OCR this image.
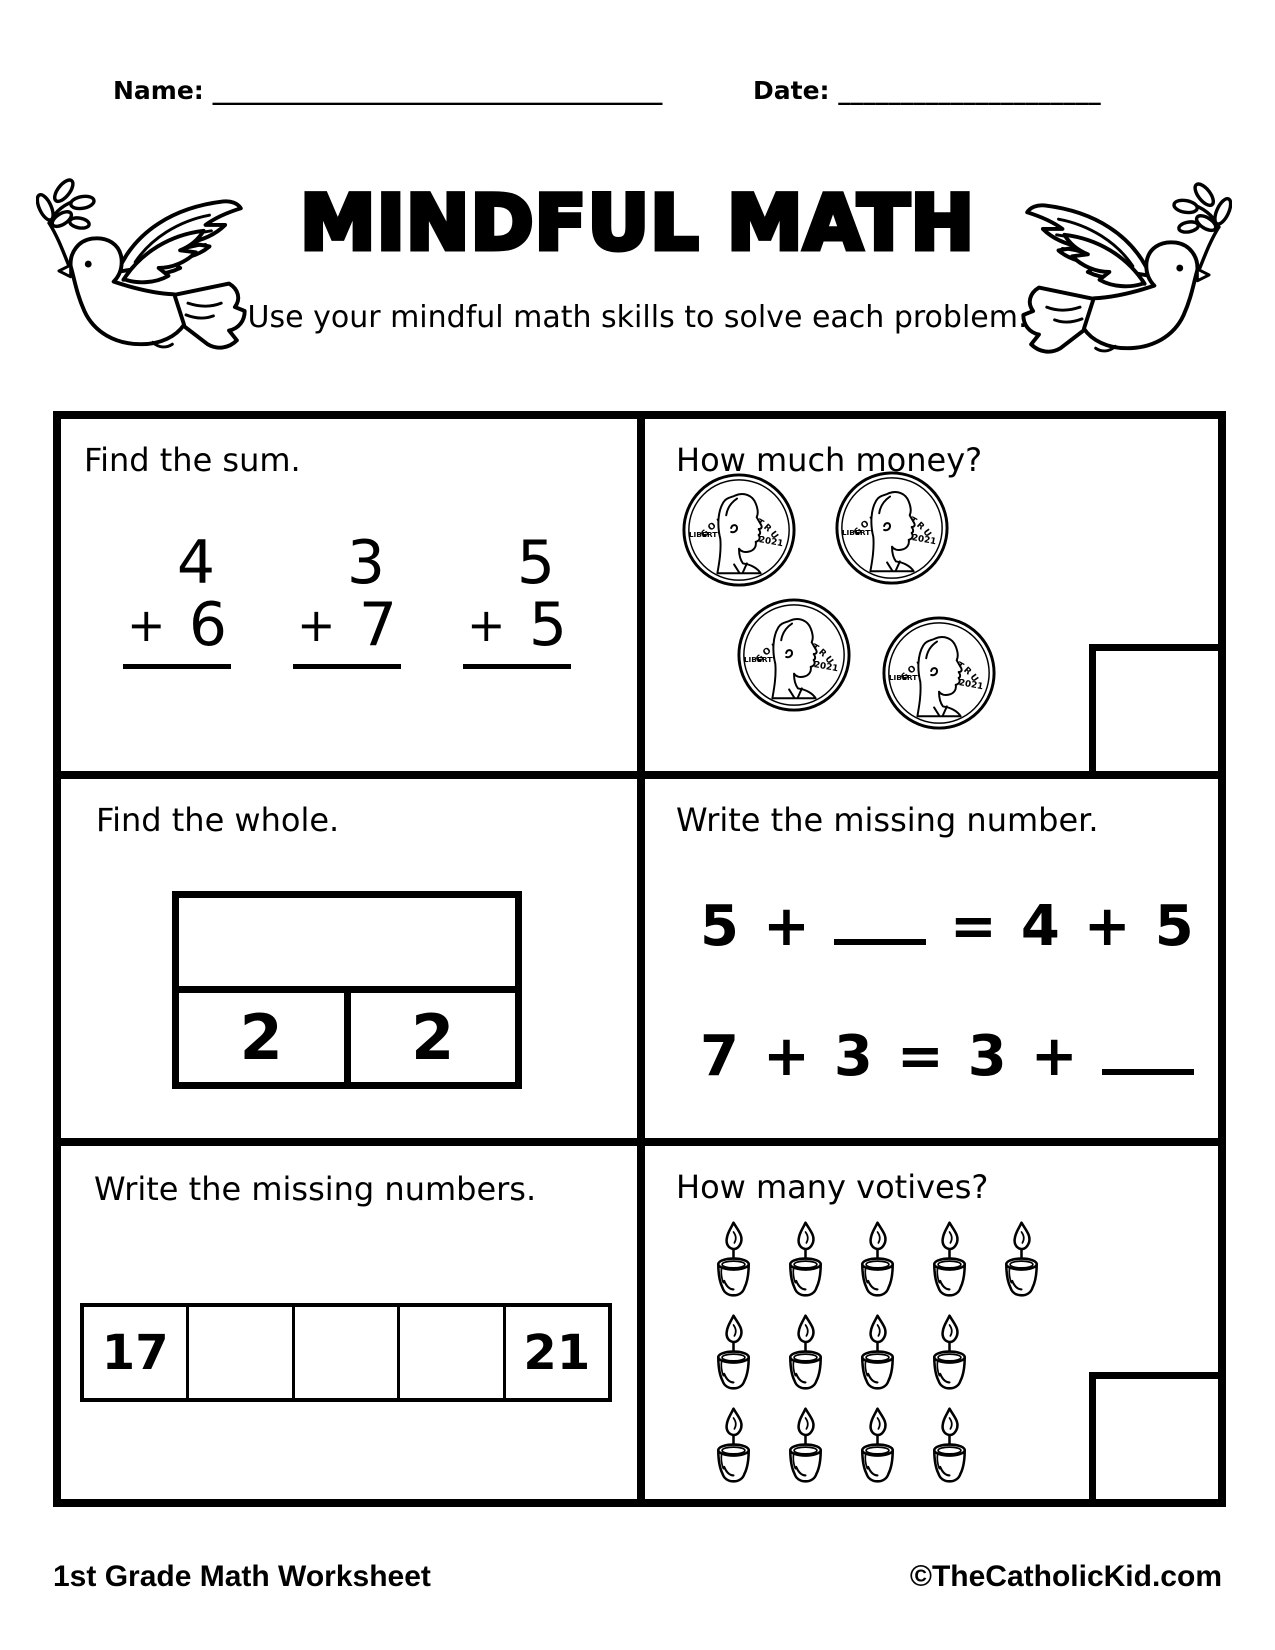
Name: ____________________________________	Date: _____________________
MINDFUL MATH
Use your mindful math skills to solve each problem.
Find the sum.
4
+ 6
3
+ 7
5
+ 5
How much money?
Find the whole.
2	2
Write the missing number.
5 +	= 4 + 5
7 + 3 = 3 +
Write the missing numbers.
17	21
How many votives?
1st Grade Math Worksheet	©TheCatholicKid.com
